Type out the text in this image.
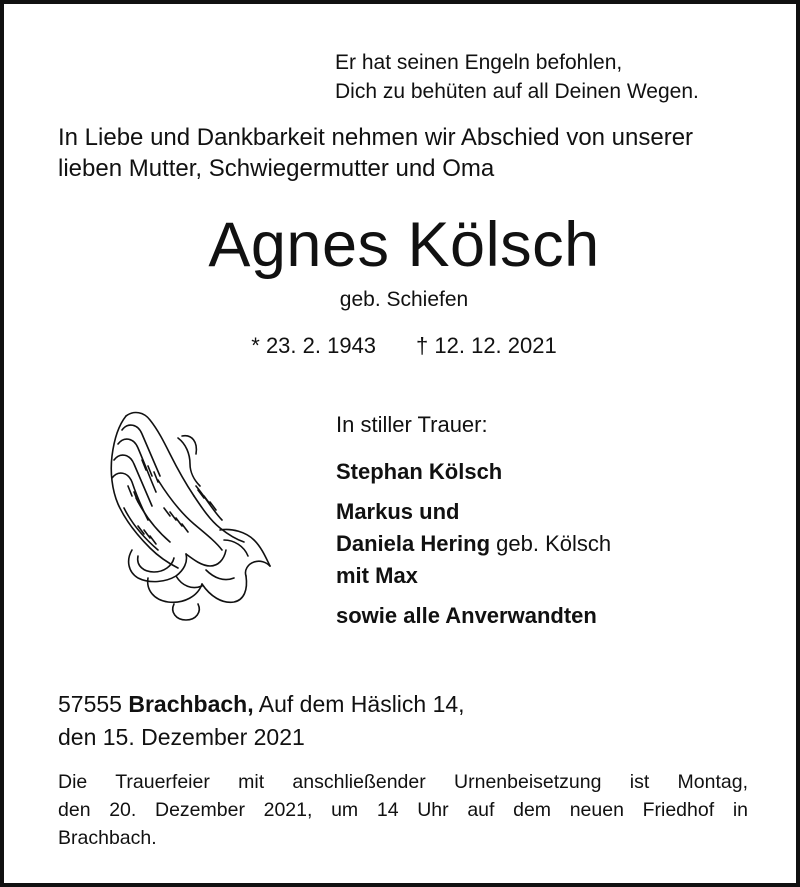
Er hat seinen Engeln befohlen,
Dich zu behüten auf all Deinen Wegen.

In Liebe und Dankbarkeit nehmen wir Abschied von unserer
lieben Mutter, Schwiegermutter und Oma

Agnes Kölsch

geb. Schiefen

* 23. 2. 1943 † 12. 12. 2021

In stiller Trauer:

Stephan Kölsch

Markus und
Daniela Hering geb. Kölsch
mit Max

sowie alle Anverwandten

57555 Brachbach, Auf dem Häslich 14,
den 15. Dezember 2021

Die Trauerfeier mit anschließender Urnenbeisetzung ist Montag,
den 20. Dezember 2021, um 14 Uhr auf dem neuen Friedhof in
Brachbach.
